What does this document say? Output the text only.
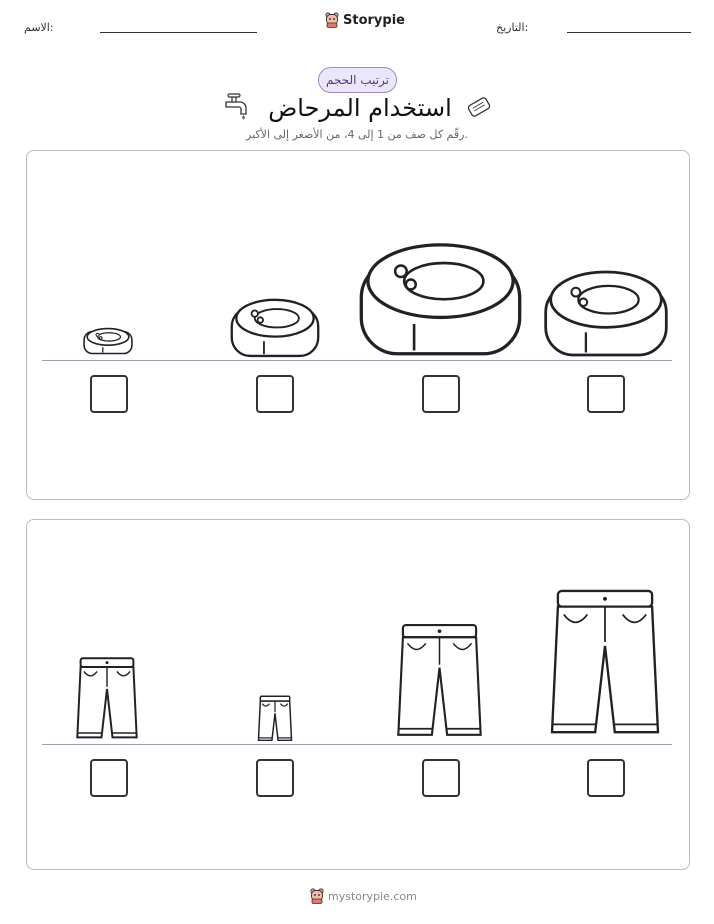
الاسم:	Storypie	التاريخ:
ترتيب الحجم
استخدام المرحاض
رقّم كل صف من 1 إلى 4، من الأصغر إلى الأكبر.
mystorypie.com
